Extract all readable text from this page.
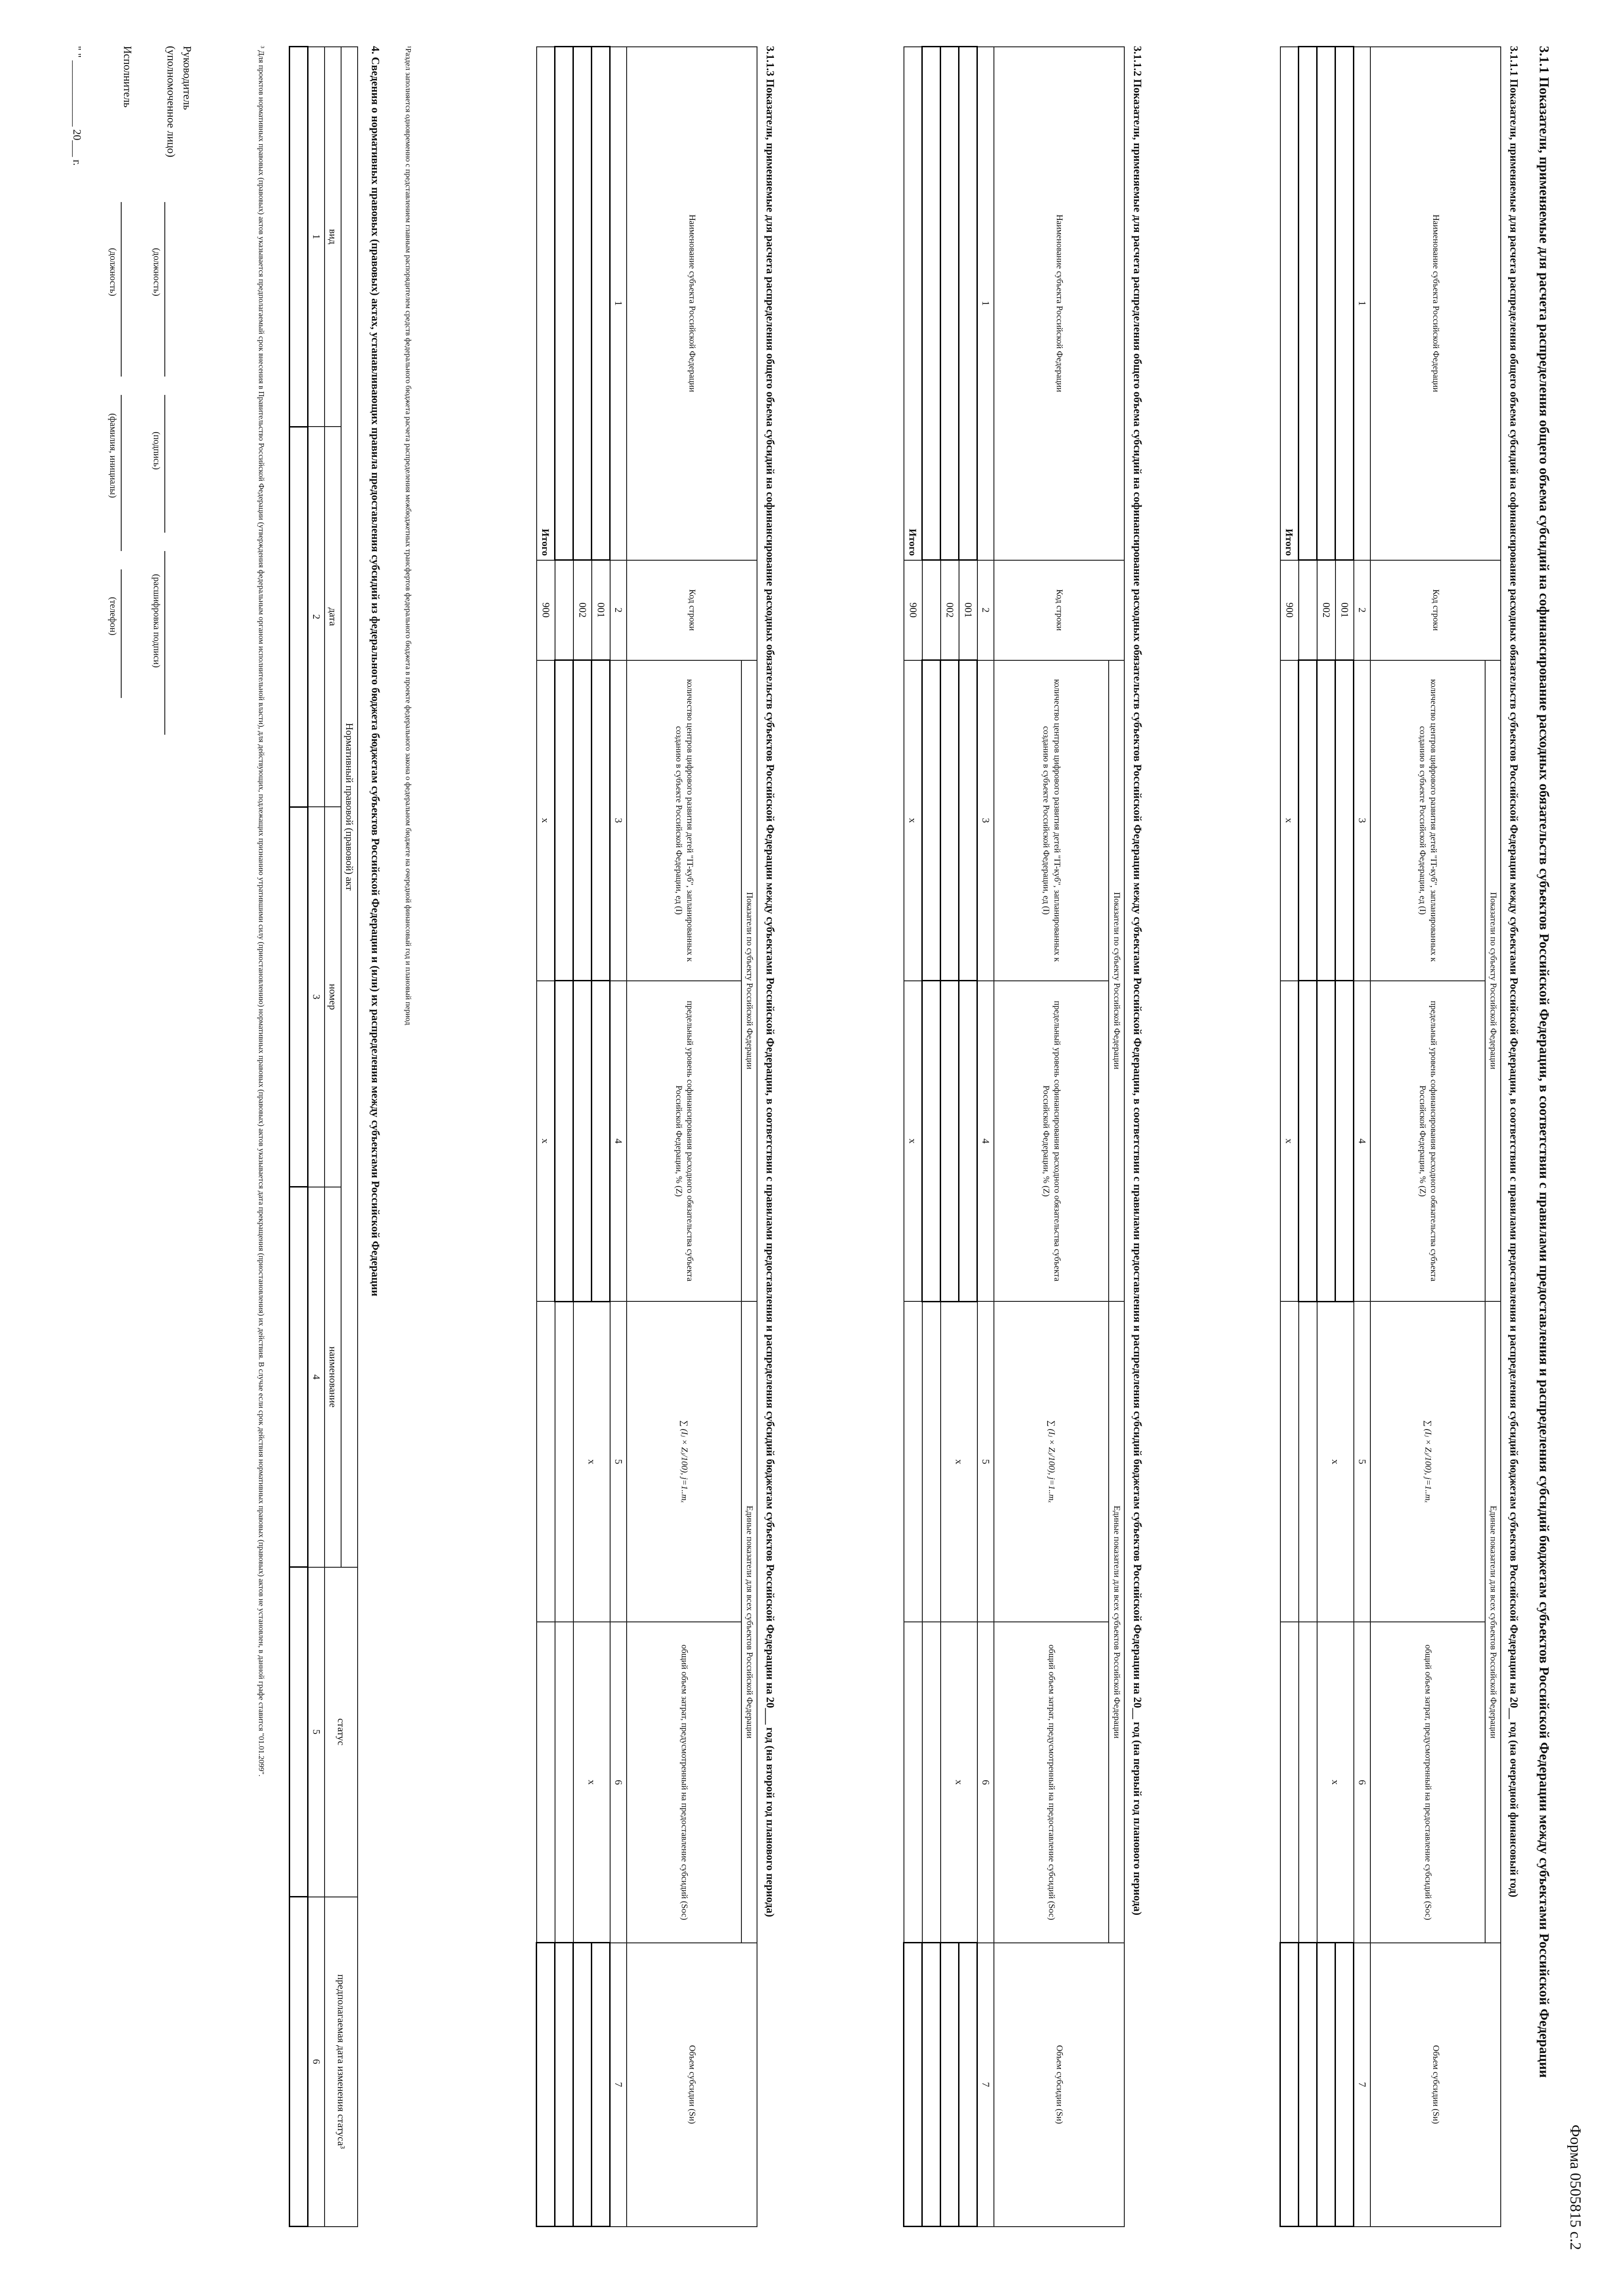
Форма 0505815 с.2
3.1.1 Показатели, применяемые для расчета распределения общего объема субсидий на софинансирование расходных обязательств субъектов Российской Федерации, в соответствии с правилами предоставления и распределения субсидий бюджетам субъектов Российской Федерации между субъектами Российской Федерации
3.1.1.1 Показатели, применяемые для расчета распределения общего объема субсидий на софинансирование расходных обязательств субъектов Российской Федерации между субъектами Российской Федерации, в соответствии с правилами предоставления и распределения субсидий бюджетам субъектов Российской Федерации на 20__ год (на очередной финансовый год)
Наименование субъекта Российской Федерации	Код строки	Показатели по субъекту Российской Федерации		Единые показатели для всех субъектов Российской Федерации		Объем субсидии (Sи)
		количество центров цифрового развития детей "IT-куб", запланированных к созданию в субъекте Российской Федерации, ед (I)	предельный уровень софинансирования расходного обязательства субъекта Российской Федерации, % (Z)	∑ (Iⱼ × Zⱼ/100), j=1..mₓ	общий объем затрат, предусмотренный на предоставление субсидий (Sос)	
1	2	3	4	5	6	7
	001			x	x	
	002					

Итого	900	x	x			
3.1.1.2 Показатели, применяемые для расчета распределения общего объема субсидий на софинансирование расходных обязательств субъектов Российской Федерации между субъектами Российской Федерации, в соответствии с правилами предоставления и распределения субсидий бюджетам субъектов Российской Федерации на 20__ год (на первый год планового периода)
Наименование субъекта Российской Федерации	Код строки	Показатели по субъекту Российской Федерации		Единые показатели для всех субъектов Российской Федерации		Объем субсидии (Sи)
		количество центров цифрового развития детей "IT-куб", запланированных к созданию в субъекте Российской Федерации, ед (I)	предельный уровень софинансирования расходного обязательства субъекта Российской Федерации, % (Z)	∑ (Iⱼ × Zⱼ/100), j=1..mₓ	общий объем затрат, предусмотренный на предоставление субсидий (Sос)	
1	2	3	4	5	6	7
	001			x	x	
	002					

Итого	900	x	x			
3.1.1.3 Показатели, применяемые для расчета распределения общего объема субсидий на софинансирование расходных обязательств субъектов Российской Федерации между субъектами Российской Федерации, в соответствии с правилами предоставления и распределения субсидий бюджетам субъектов Российской Федерации на 20___ год (на второй год планового периода)
Наименование субъекта Российской Федерации	Код строки	Показатели по субъекту Российской Федерации		Единые показатели для всех субъектов Российской Федерации		Объем субсидии (Sи)
		количество центров цифрового развития детей "IT-куб", запланированных к созданию в субъекте Российской Федерации, ед (I)	предельный уровень софинансирования расходного обязательства субъекта Российской Федерации, % (Z)	∑ (Iⱼ × Zⱼ/100), j=1..mₓ	общий объем затрат, предусмотренный на предоставление субсидий (Sос)	
1	2	3	4	5	6	7
	001			x	x	
	002					

Итого	900	x	x			
¹Раздел заполняется одновременно с представлением главным распорядителем средств федерального бюджета расчета распределения межбюджетных трансфертов федерального бюджета в проекте федерального закона о федеральном бюджете на очередной финансовый год и плановый период
4. Сведения о нормативных правовых (правовых) актах, устанавливающих правила предоставления субсидий из федерального бюджета бюджетам субъектов Российской Федерации и (или) их распределения между субъектами Российской Федерации
Нормативный правовой (правовой) акт				статус	предполагаемая дата изменения статуса³
вид	дата	номер	наименование		
1	2	3	4	5	6

³ Для проектов нормативных правовых (правовых) актов указывается предполагаемый срок внесения в Правительство Российской Федерации (утверждения федеральным органом исполнительной власти), для действующих, подлежащих признанию утратившими силу (приостановлению) нормативных правовых (правовых) актов указывается дата прекращения (приостановления) их действия. В случае если срок действия нормативных правовых (правовых) актов не установлен, в данной графе ставится "01.01.2099".
Руководитель
(уполномоченное лицо)
(должность)
(подпись)
(расшифровка подписи)
Исполнитель
(должность)
(фамилия, инициалы)
(телефон)
" " ____________ 20___ г.
